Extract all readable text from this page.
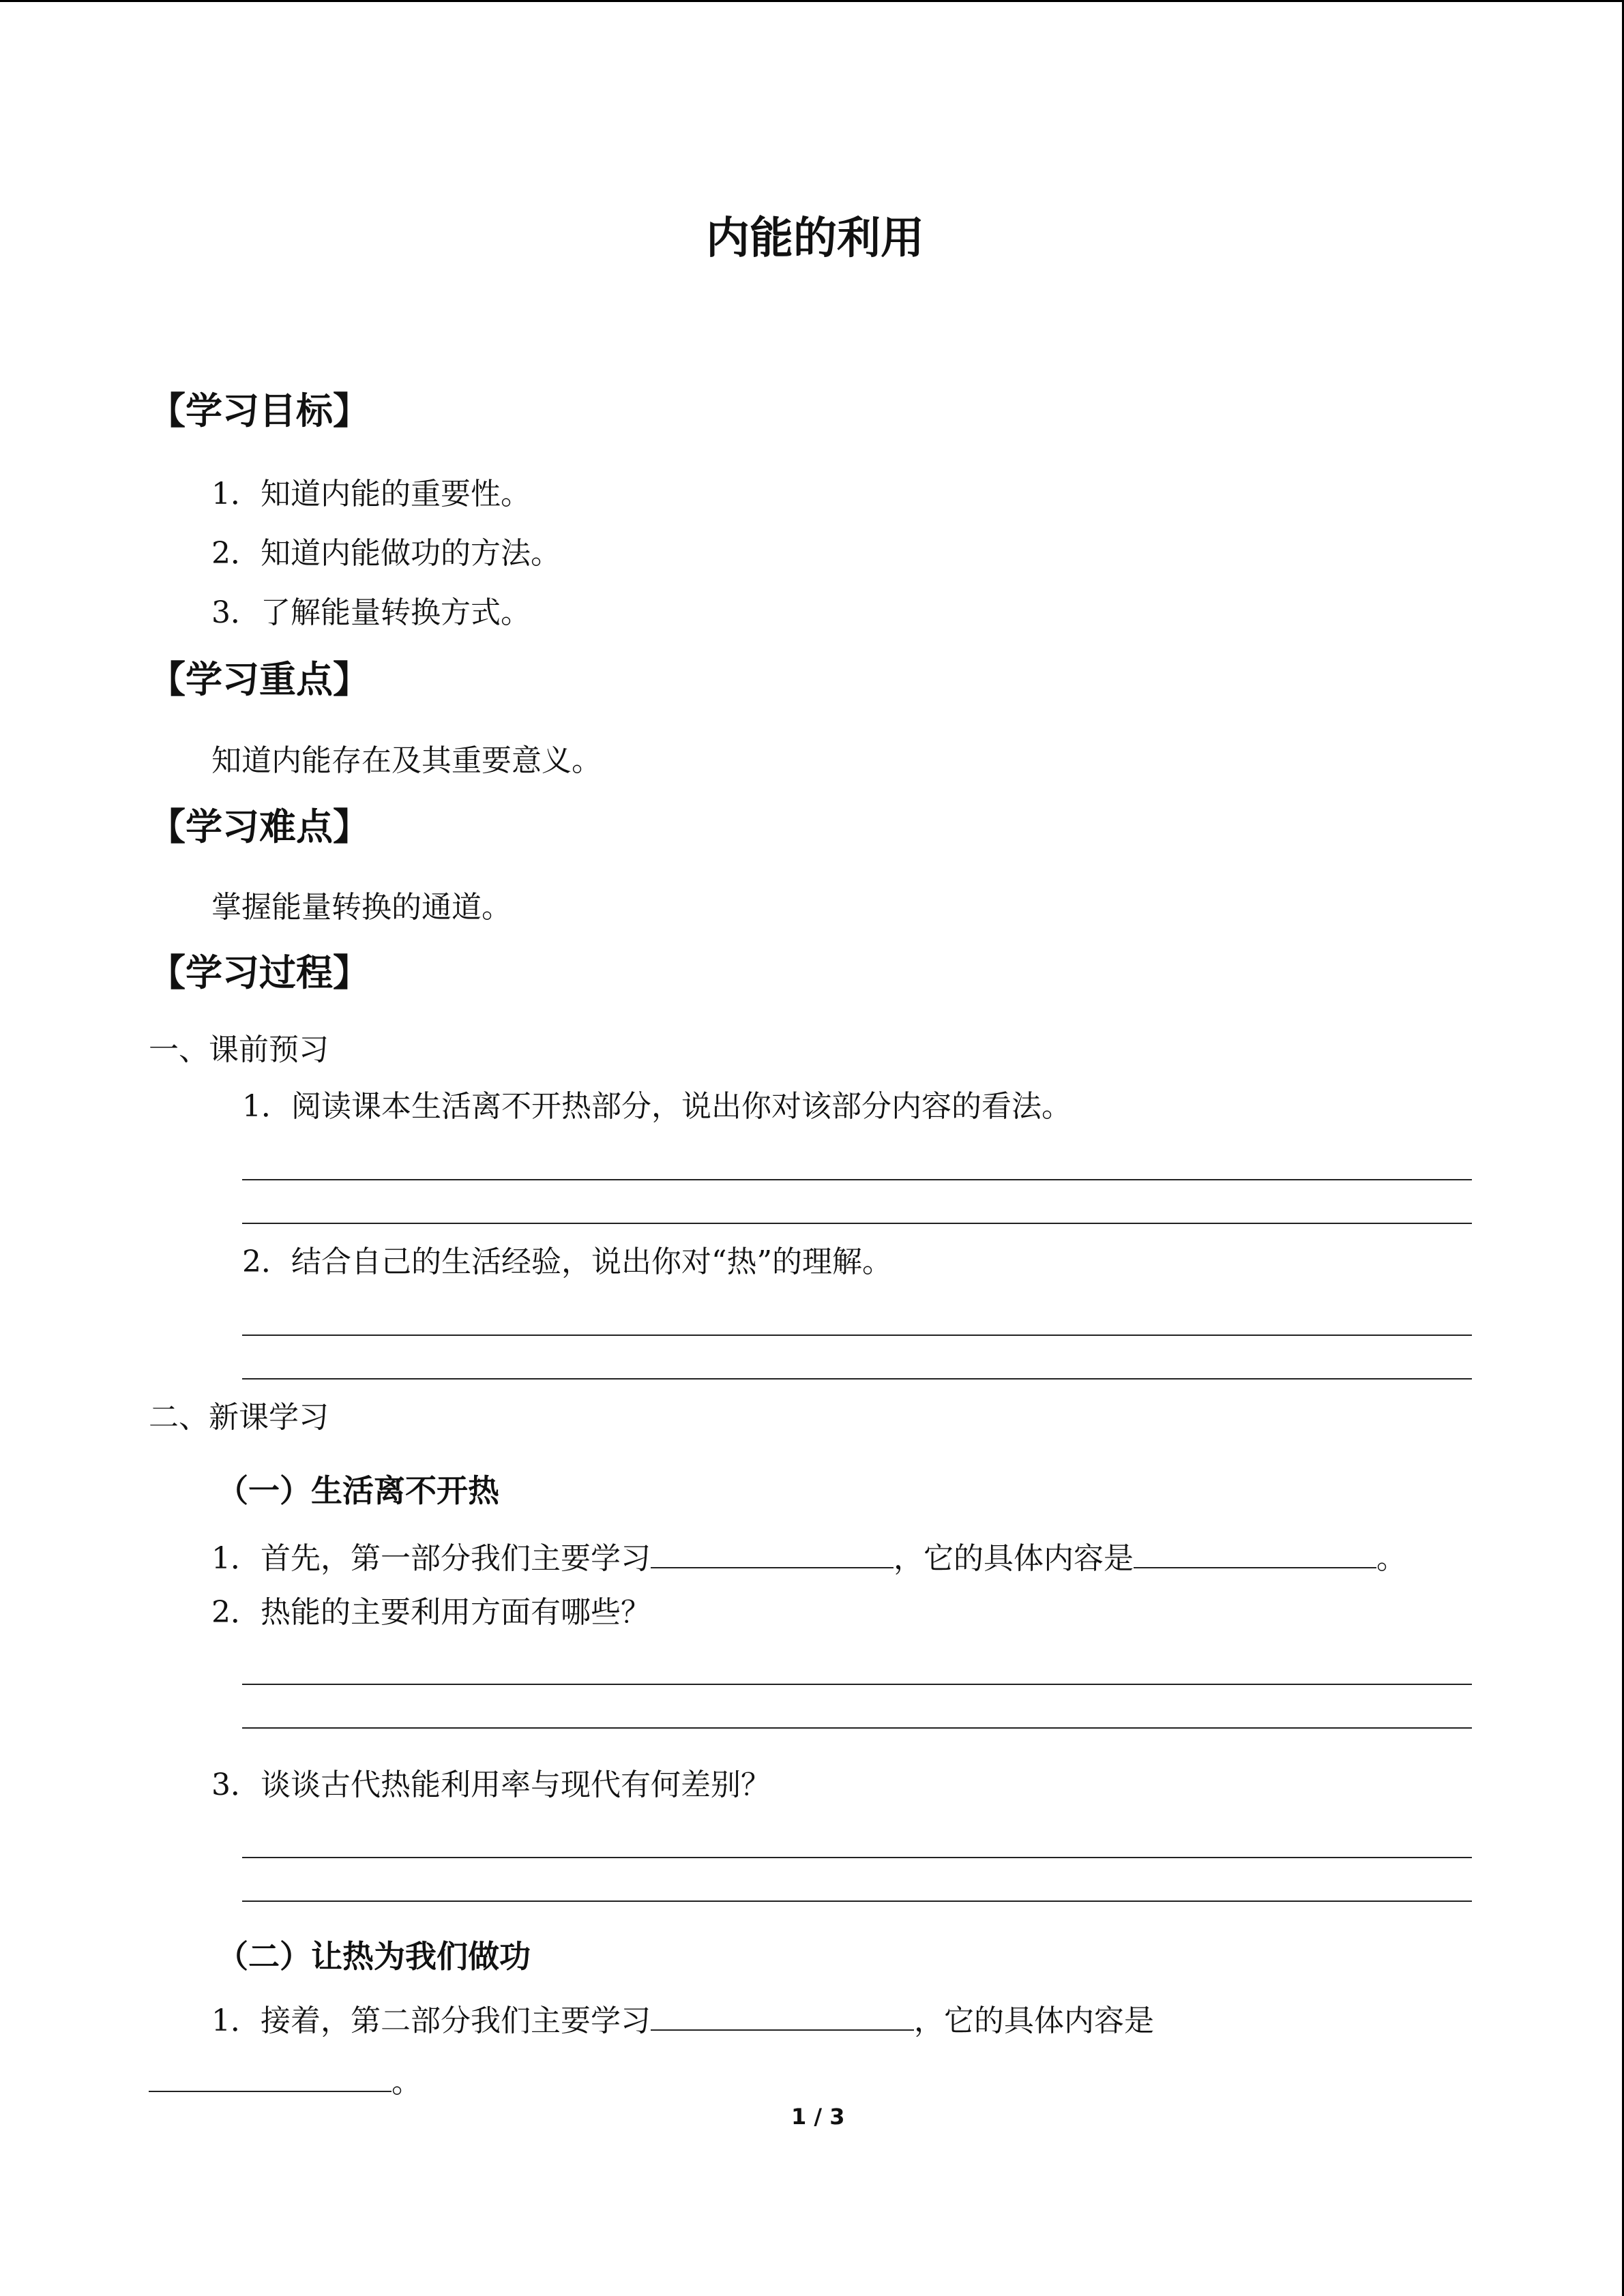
内能的利用
【学习目标】
1．知道内能的重要性。
2．知道内能做功的方法。
3．了解能量转换方式。
【学习重点】
知道内能存在及其重要意义。
【学习难点】
掌握能量转换的通道。
【学习过程】
一、课前预习
1．阅读课本生活离不开热部分，说出你对该部分内容的看法。
2．结合自己的生活经验，说出你对“热”的理解。
二、新课学习
（一）生活离不开热
1．首先，第一部分我们主要学习	，它的具体内容是	。
2．热能的主要利用方面有哪些？
3．谈谈古代热能利用率与现代有何差别？
（二）让热为我们做功
1．接着，第二部分我们主要学习	，它的具体内容是
。
1 / 3
